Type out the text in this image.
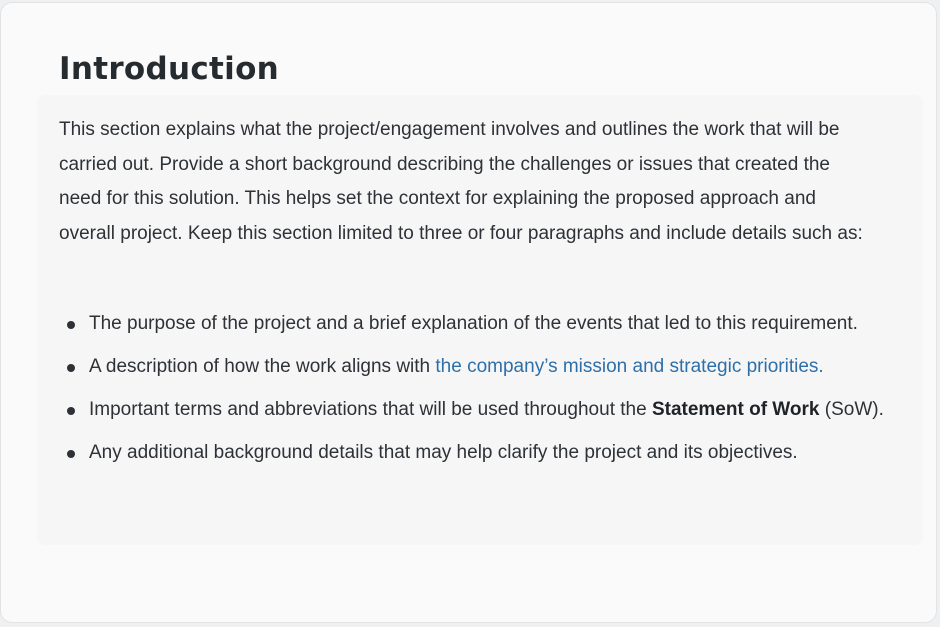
Introduction

This section explains what the project/engagement involves and outlines the work that will be carried out. Provide a short background describing the challenges or issues that created the need for this solution. This helps set the context for explaining the proposed approach and overall project. Keep this section limited to three or four paragraphs and include details such as:

The purpose of the project and a brief explanation of the events that led to this requirement.
A description of how the work aligns with the company’s mission and strategic priorities.
Important terms and abbreviations that will be used throughout the Statement of Work (SoW).
Any additional background details that may help clarify the project and its objectives.
